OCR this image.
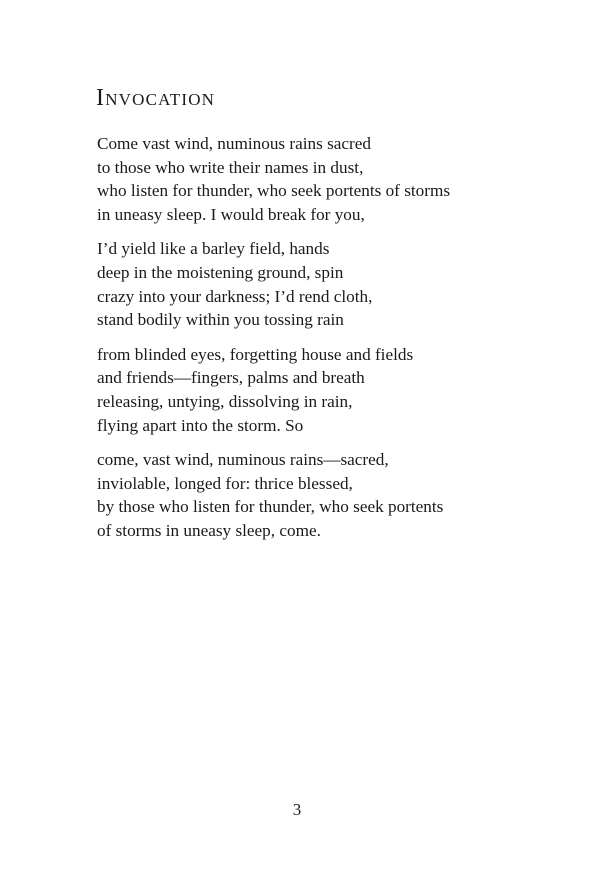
Invocation
Come vast wind, numinous rains sacred
to those who write their names in dust,
who listen for thunder, who seek portents of storms
in uneasy sleep. I would break for you,
I’d yield like a barley field, hands
deep in the moistening ground, spin
crazy into your darkness; I’d rend cloth,
stand bodily within you tossing rain
from blinded eyes, forgetting house and fields
and friends—fingers, palms and breath
releasing, untying, dissolving in rain,
flying apart into the storm. So
come, vast wind, numinous rains—sacred,
inviolable, longed for: thrice blessed,
by those who listen for thunder, who seek portents
of storms in uneasy sleep, come.
3
